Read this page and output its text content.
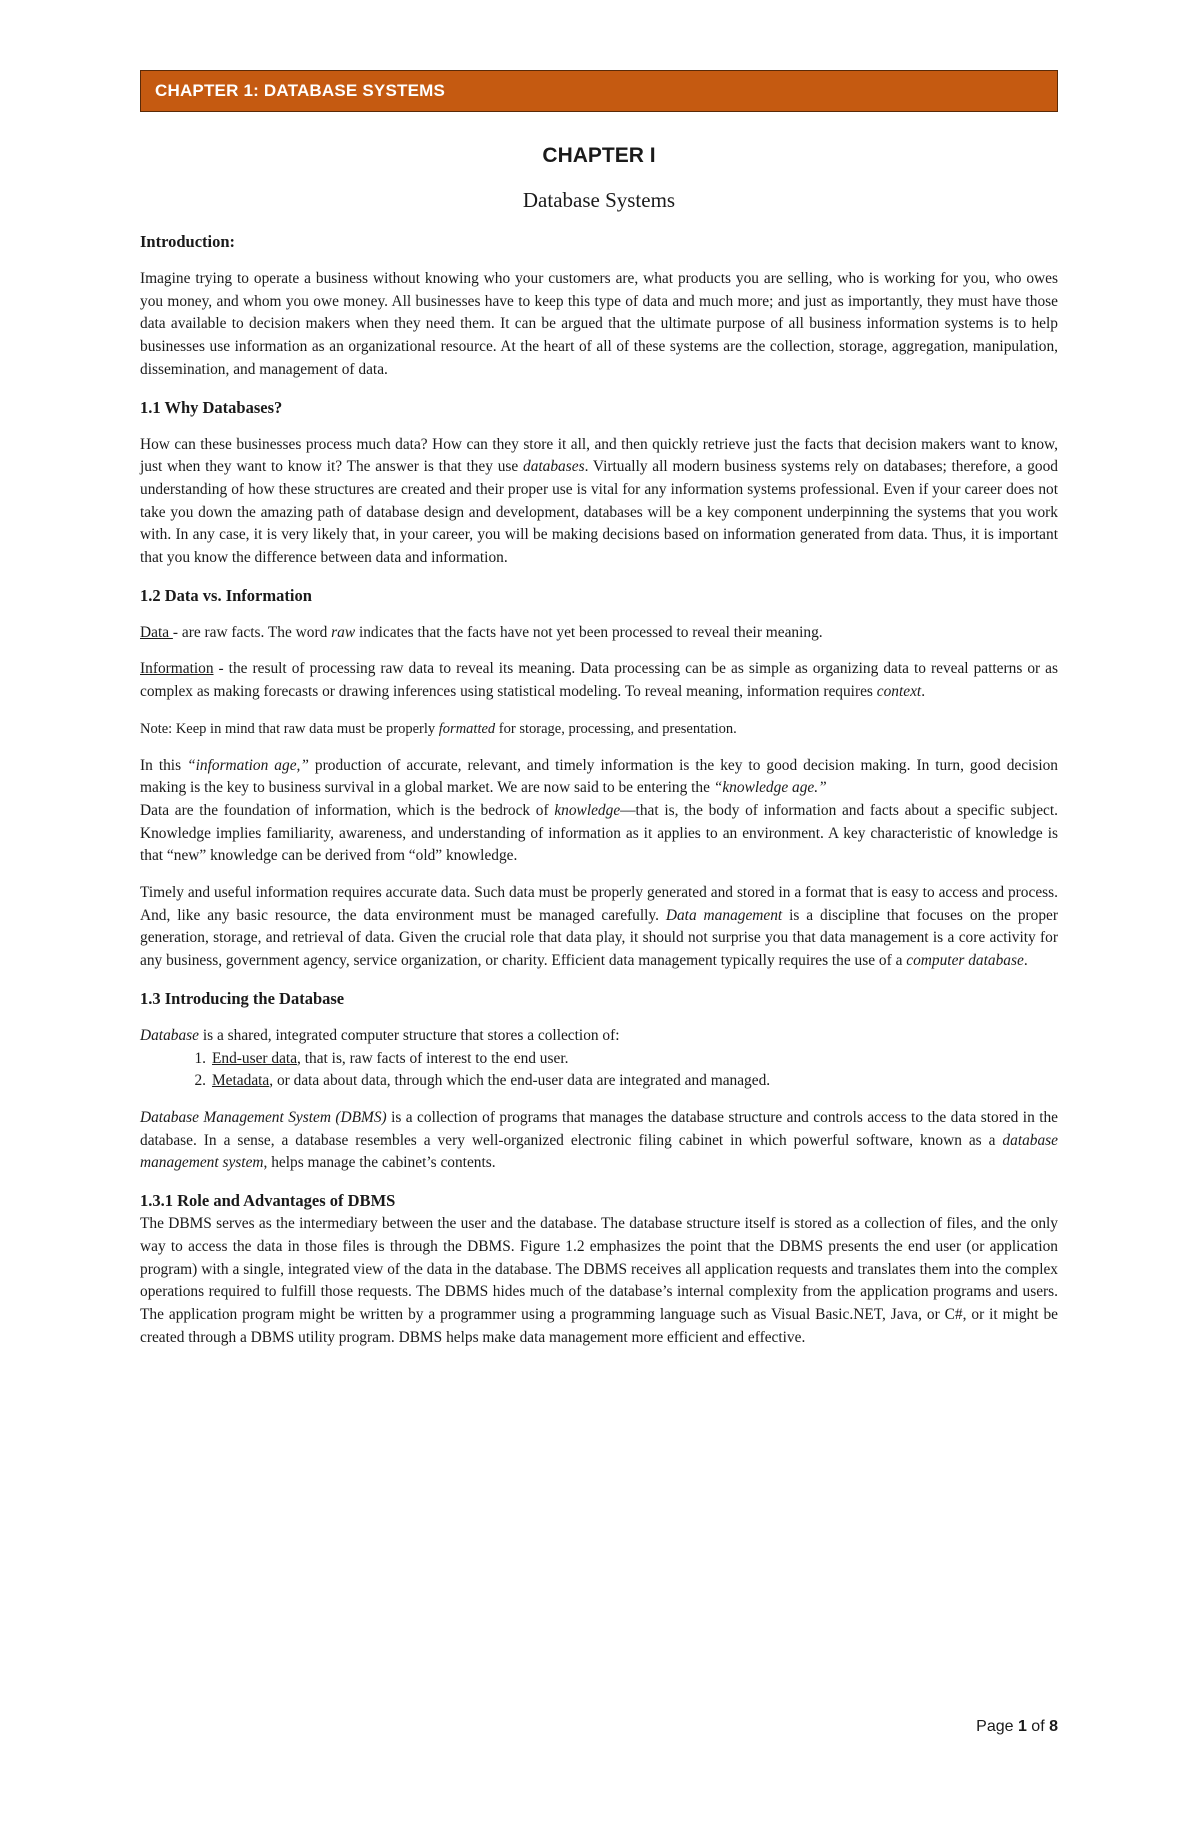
CHAPTER 1: DATABASE SYSTEMS
CHAPTER I
Database Systems
Introduction:

Imagine trying to operate a business without knowing who your customers are, what products you are selling, who is working for you, who owes you money, and whom you owe money. All businesses have to keep this type of data and much more; and just as importantly, they must have those data available to decision makers when they need them. It can be argued that the ultimate purpose of all business information systems is to help businesses use information as an organizational resource. At the heart of all of these systems are the collection, storage, aggregation, manipulation, dissemination, and management of data.

1.1 Why Databases?

How can these businesses process much data? How can they store it all, and then quickly retrieve just the facts that decision makers want to know, just when they want to know it? The answer is that they use databases. Virtually all modern business systems rely on databases; therefore, a good understanding of how these structures are created and their proper use is vital for any information systems professional. Even if your career does not take you down the amazing path of database design and development, databases will be a key component underpinning the systems that you work with. In any case, it is very likely that, in your career, you will be making decisions based on information generated from data. Thus, it is important that you know the difference between data and information.

1.2 Data vs. Information

Data - are raw facts. The word raw indicates that the facts have not yet been processed to reveal their meaning.

Information - the result of processing raw data to reveal its meaning. Data processing can be as simple as organizing data to reveal patterns or as complex as making forecasts or drawing inferences using statistical modeling. To reveal meaning, information requires context.

Note: Keep in mind that raw data must be properly formatted for storage, processing, and presentation.

In this “information age,” production of accurate, relevant, and timely information is the key to good decision making. In turn, good decision making is the key to business survival in a global market. We are now said to be entering the “knowledge age.”

Data are the foundation of information, which is the bedrock of knowledge—that is, the body of information and facts about a specific subject. Knowledge implies familiarity, awareness, and understanding of information as it applies to an environment. A key characteristic of knowledge is that “new” knowledge can be derived from “old” knowledge.

Timely and useful information requires accurate data. Such data must be properly generated and stored in a format that is easy to access and process. And, like any basic resource, the data environment must be managed carefully. Data management is a discipline that focuses on the proper generation, storage, and retrieval of data. Given the crucial role that data play, it should not surprise you that data management is a core activity for any business, government agency, service organization, or charity. Efficient data management typically requires the use of a computer database.

1.3 Introducing the Database

Database is a shared, integrated computer structure that stores a collection of:

1. End-user data, that is, raw facts of interest to the end user.
2. Metadata, or data about data, through which the end-user data are integrated and managed.

Database Management System (DBMS) is a collection of programs that manages the database structure and controls access to the data stored in the database. In a sense, a database resembles a very well-organized electronic filing cabinet in which powerful software, known as a database management system, helps manage the cabinet’s contents.

1.3.1 Role and Advantages of DBMS

The DBMS serves as the intermediary between the user and the database. The database structure itself is stored as a collection of files, and the only way to access the data in those files is through the DBMS. Figure 1.2 emphasizes the point that the DBMS presents the end user (or application program) with a single, integrated view of the data in the database. The DBMS receives all application requests and translates them into the complex operations required to fulfill those requests. The DBMS hides much of the database’s internal complexity from the application programs and users. The application program might be written by a programmer using a programming language such as Visual Basic.NET, Java, or C#, or it might be created through a DBMS utility program. DBMS helps make data management more efficient and effective.

Page 1 of 8
